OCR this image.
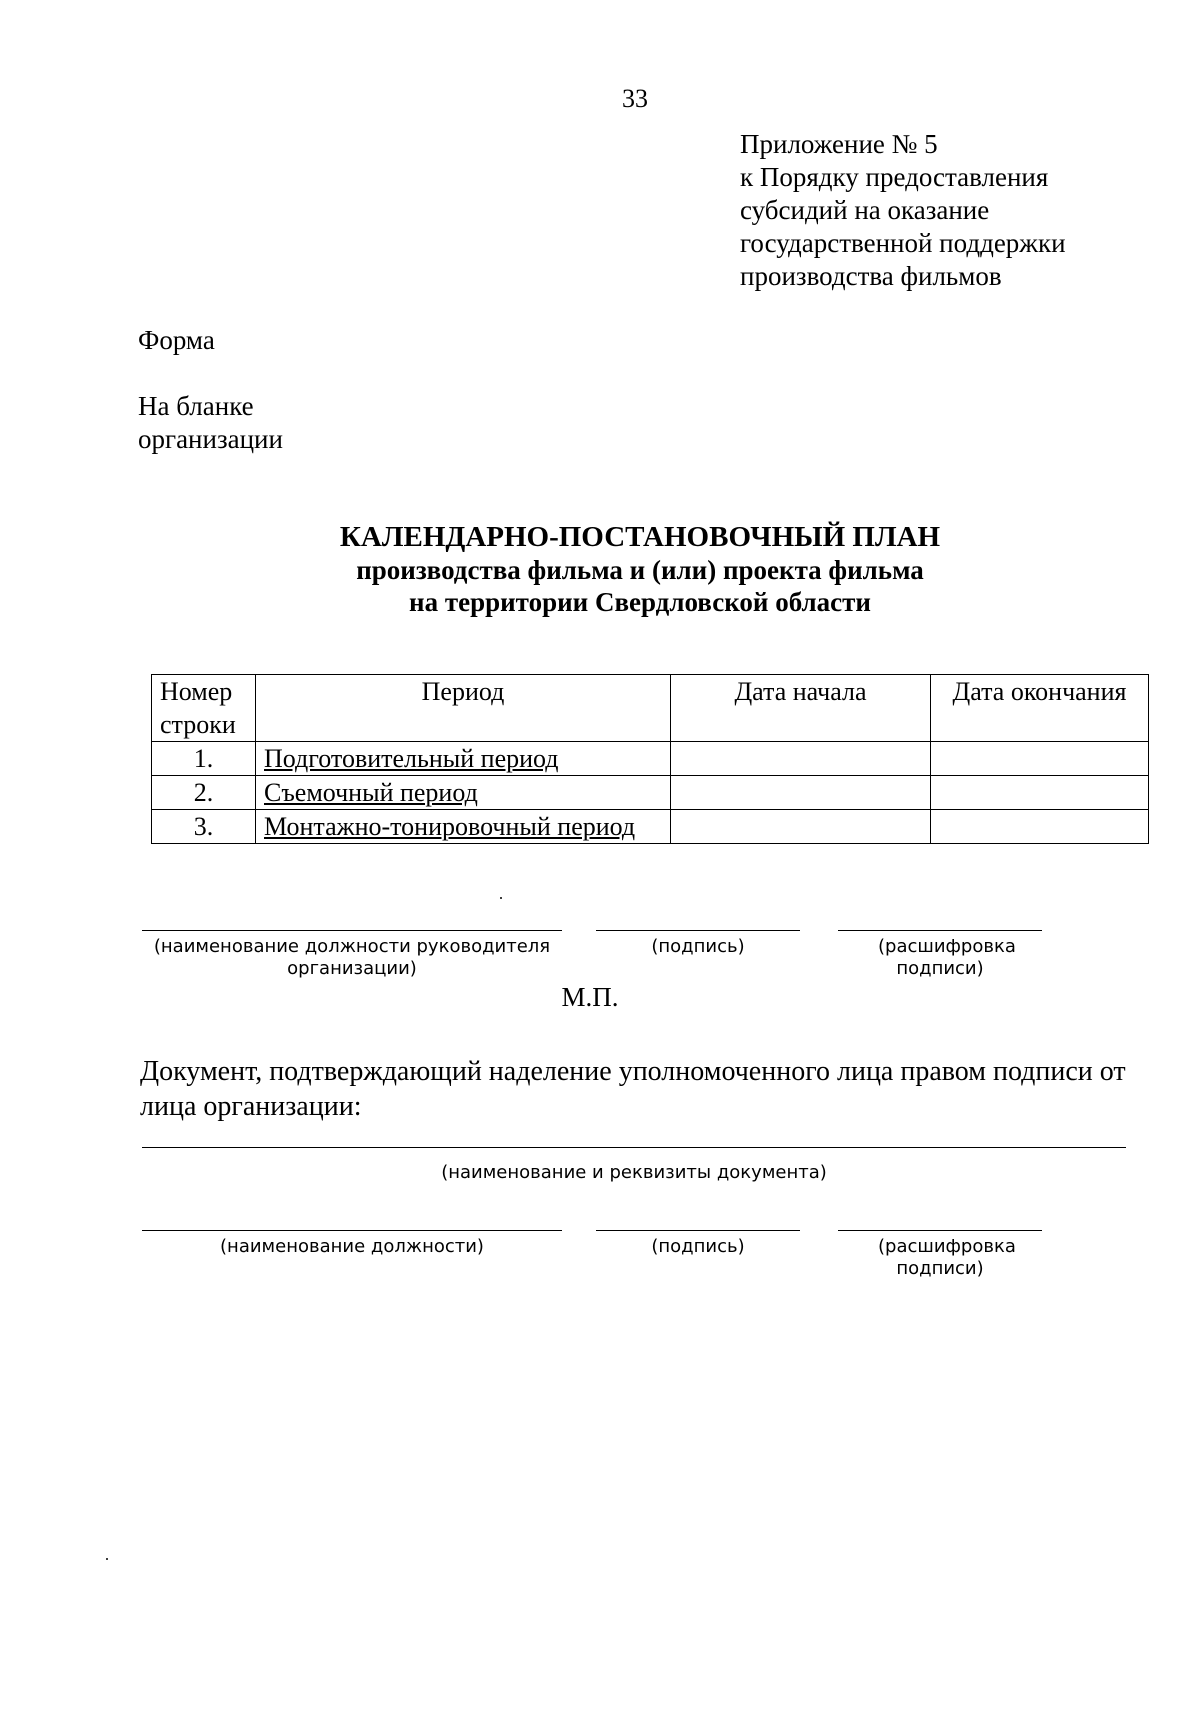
33
Приложение № 5
к Порядку предоставления
субсидий на оказание
государственной поддержки
производства фильмов
Форма
На бланке
организации
КАЛЕНДАРНО-ПОСТАНОВОЧНЫЙ ПЛАН
производства фильма и (или) проекта фильма
на территории Свердловской области
Номер строки	Период	Дата начала	Дата окончания
1.	Подготовительный период		
2.	Съемочный период		
3.	Монтажно-тонировочный период		
(наименование должности руководителя организации)
(подпись)	(расшифровка подписи)
М.П.
Документ, подтверждающий наделение уполномоченного лица правом подписи от лица организации:
(наименование и реквизиты документа)
(наименование должности)	(подпись)	(расшифровка подписи)
